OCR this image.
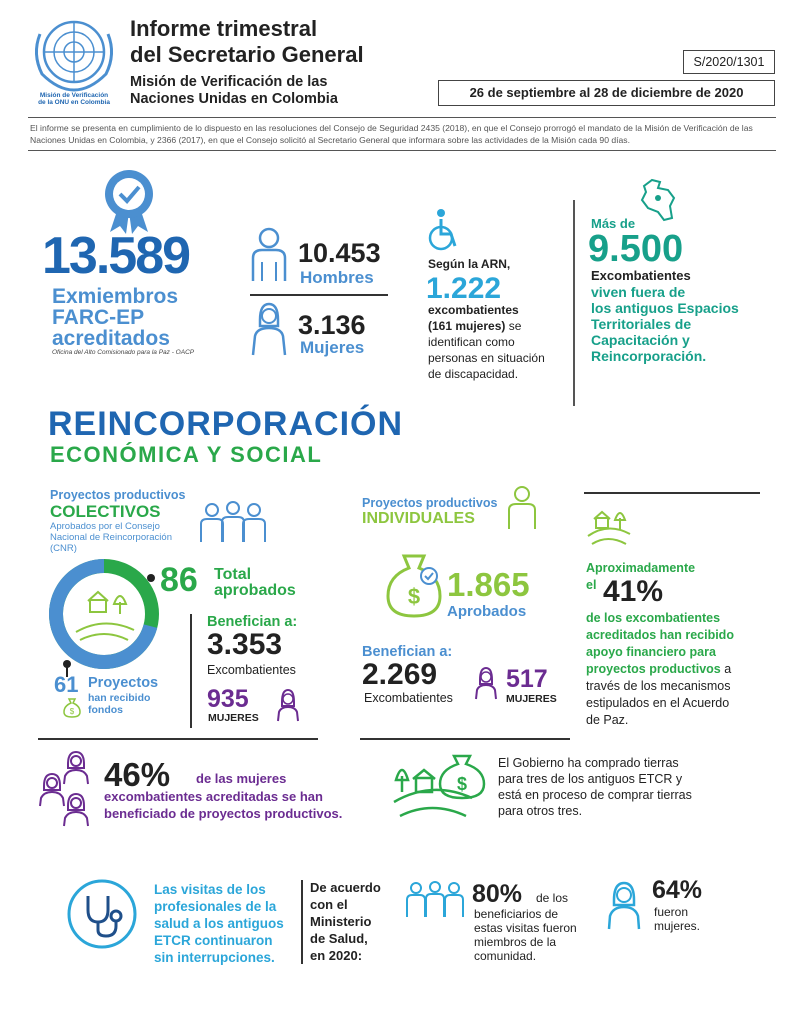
Misión de Verificación
de la ONU en Colombia
Informe trimestral
del Secretario General
Misión de Verificación de las
Naciones Unidas en Colombia
S/2020/1301
26 de septiembre al 28 de diciembre de 2020
El informe se presenta en cumplimiento de lo dispuesto en las resoluciones del Consejo de Seguridad 2435 (2018), en que el Consejo prorrogó el mandato de la Misión de Verificación de las Naciones Unidas en Colombia, y 2366 (2017), en que el Consejo solicitó al Secretario General que informara sobre las actividades de la Misión cada 90 días.
13.589
Exmiembros
FARC-EP
acreditados
Oficina del Alto Comisionado para la Paz - OACP
10.453
Hombres
3.136
Mujeres
Según la ARN,
1.222
excombatientes
(161 mujeres) se
identifican como
personas en situación
de discapacidad.
Más de
9.500
Excombatientes
viven fuera de
los antiguos Espacios
Territoriales de
Capacitación y
Reincorporación.
REINCORPORACIÓN
ECONÓMICA Y SOCIAL
Proyectos productivos
COLECTIVOS
Aprobados por el Consejo
Nacional de Reincorporación
(CNR)
86 Total
aprobados
61 Proyectos
han recibido
fondos
$
Benefician a:
3.353
Excombatientes
935
MUJERES
Proyectos productivos
INDIVIDUALES
$ 1.865
Aprobados
Benefician a:
2.269
Excombatientes
517
MUJERES
Aproximadamente
el 41%
de los excombatientes
acreditados han recibido
apoyo financiero para
proyectos productivos a
través de los mecanismos
estipulados en el Acuerdo
de Paz.
46% de las mujeres
excombatientes acreditadas se han
beneficiado de proyectos productivos.
$
El Gobierno ha comprado tierras
para tres de los antiguos ETCR y
está en proceso de comprar tierras
para otros tres.
Las visitas de los
profesionales de la
salud a los antiguos
ETCR continuaron
sin interrupciones.
De acuerdo
con el
Ministerio
de Salud,
en 2020:
80% de los
beneficiarios de
estas visitas fueron
miembros de la
comunidad.
64%
fueron
mujeres.
